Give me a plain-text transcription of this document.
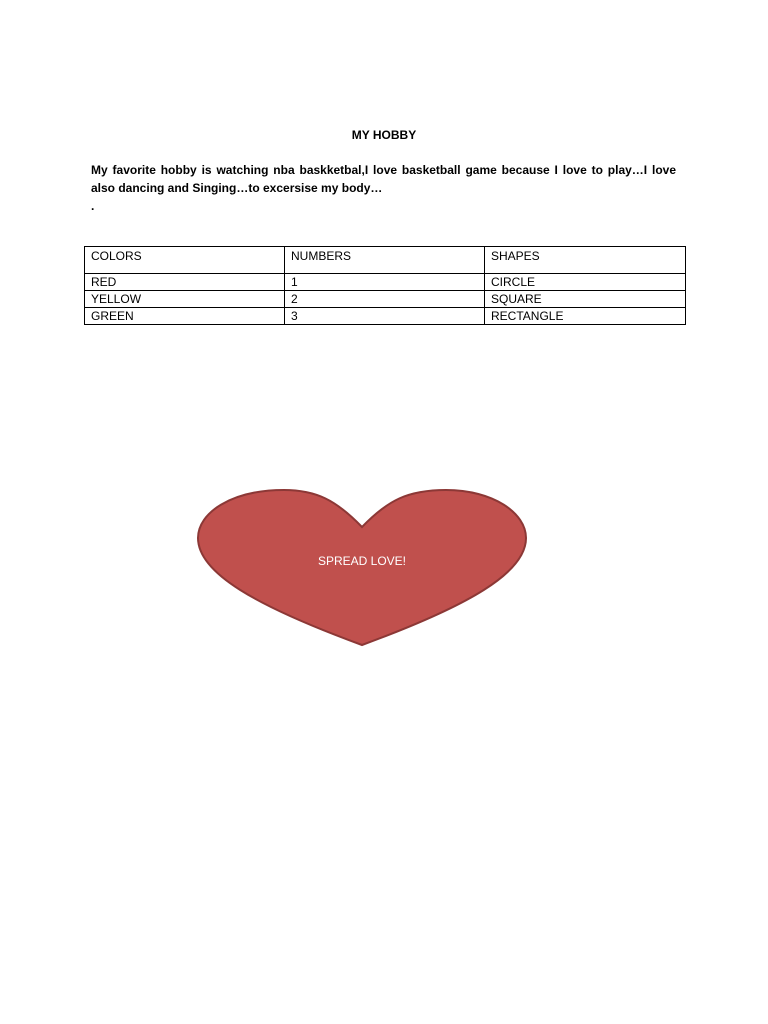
MY HOBBY
My favorite hobby is watching nba baskketbal,I love basketball game because I love to play…I love also dancing and Singing…to excersise my body…
.
COLORS	NUMBERS	SHAPES
RED	1	CIRCLE
YELLOW	2	SQUARE
GREEN	3	RECTANGLE
SPREAD LOVE!
